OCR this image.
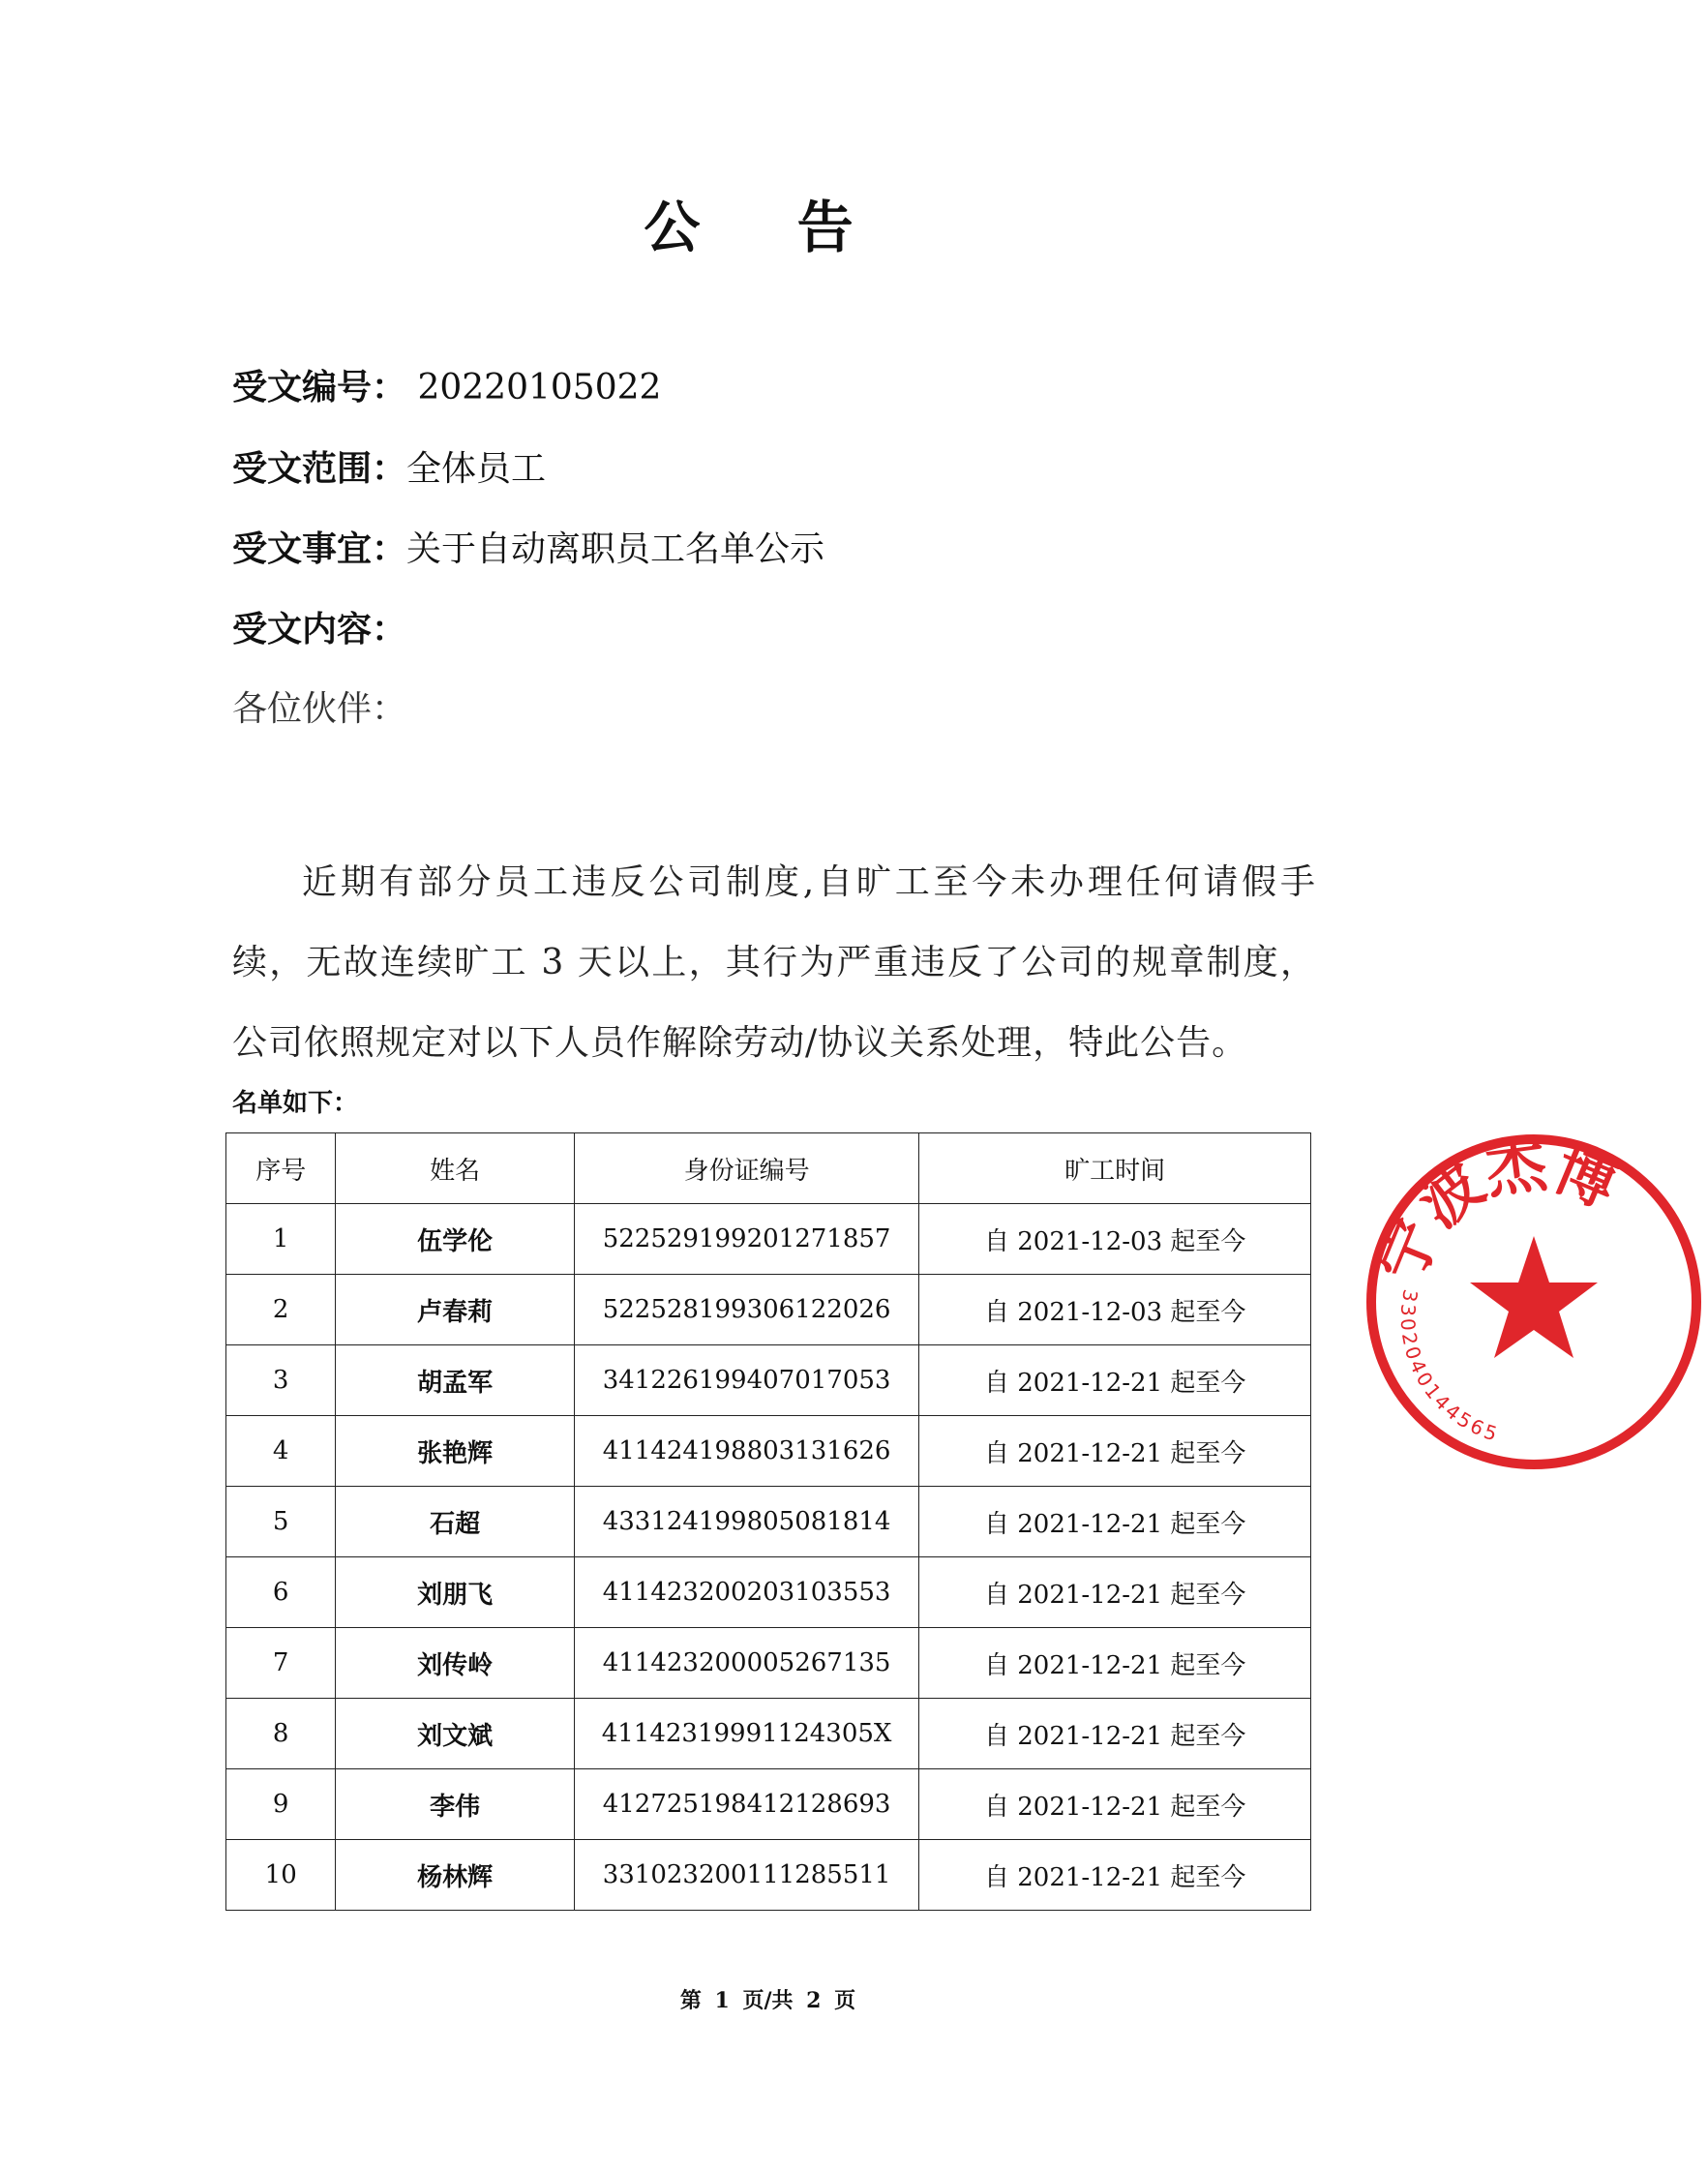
公 告
受文编号： 20220105022
受文范围：全体员工
受文事宜：关于自动离职员工名单公示
受文内容：
各位伙伴：
近期有部分员工违反公司制度,自旷工至今未办理任何请假手续，无故连续旷工 3 天以上，其行为严重违反了公司的规章制度，公司依照规定对以下人员作解除劳动/协议关系处理，特此公告。
名单如下：
序号	姓名	身份证编号	旷工时间
1	伍学伦	522529199201271857	自 2021-12-03 起至今
2	卢春莉	522528199306122026	自 2021-12-03 起至今
3	胡孟军	341226199407017053	自 2021-12-21 起至今
4	张艳辉	411424198803131626	自 2021-12-21 起至今
5	石超	433124199805081814	自 2021-12-21 起至今
6	刘朋飞	411423200203103553	自 2021-12-21 起至今
7	刘传岭	411423200005267135	自 2021-12-21 起至今
8	刘文斌	41142319991124305X	自 2021-12-21 起至今
9	李伟	412725198412128693	自 2021-12-21 起至今
10	杨林辉	331023200111285511	自 2021-12-21 起至今
第 1 页/共 2 页
宁波杰博
3302040144565
